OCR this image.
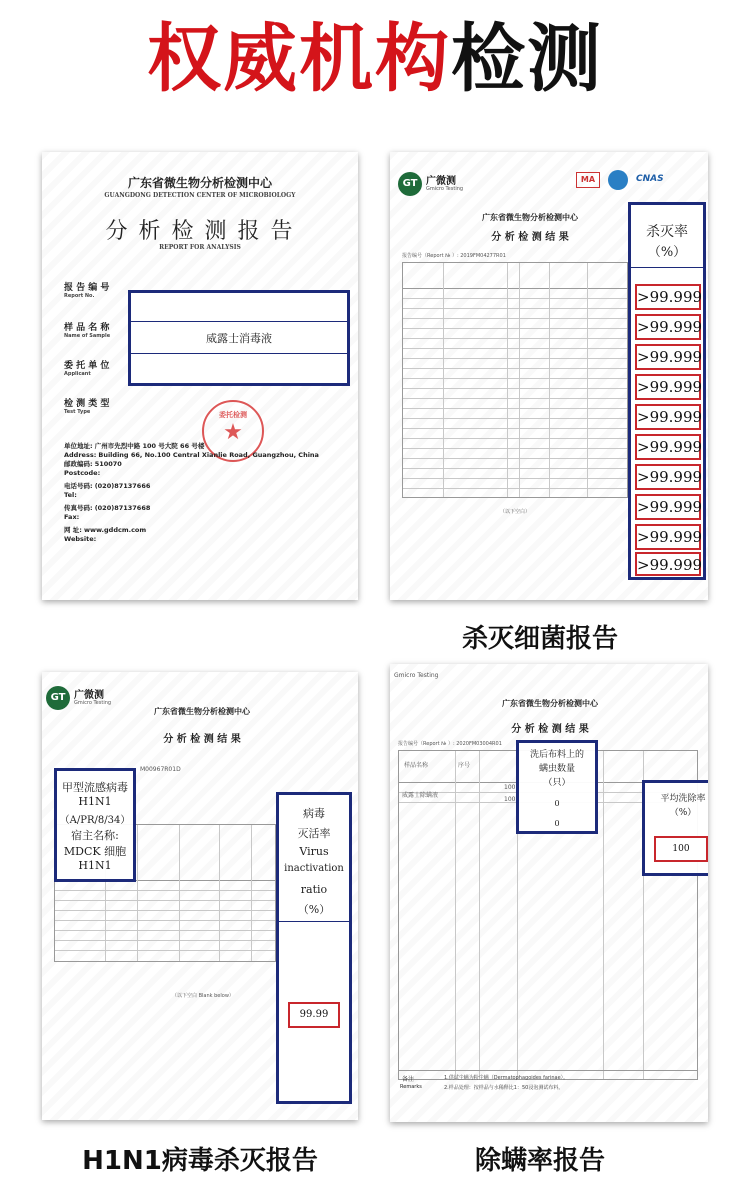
权威机构检测
广东省微生物分析检测中心
GUANGDONG DETECTION CENTER OF MICROBIOLOGY
分 析 检 测 报 告
REPORT FOR ANALYSIS
报 告 编 号
Report No.
样 品 名 称
Name of Sample
委 托 单 位
Applicant
检 测 类 型
Test Type
威露士消毒液
委托检测
★
单位地址: 广州市先烈中路 100 号大院 66 号楼
Address: Building 66, No.100 Central Xianlie Road, Guangzhou, China
邮政编码: 510070
Postcode:
电话号码: (020)87137666
Tel:
传真号码: (020)87137668
Fax:
网 址: www.gddcm.com
Website:
GT 广微测
Gmicro Testing
MA	CNAS
广东省微生物分析检测中心
分 析 检 测 结 果
报告编号（Report № ）: 2019FM04277R01
（以下空白）
杀灭率
（%）
>99.999
>99.999
>99.999
>99.999
>99.999
>99.999
>99.999
>99.999
>99.999
>99.999
杀灭细菌报告
GT 广微测
Gmicro Testing
广东省微生物分析检测中心
分 析 检 测 结 果
M00967R01D
（以下空白 Blank below）
甲型流感病毒
H1N1
（A/PR/8/34）
宿主名称:
MDCK 细胞
H1N1
病毒
灭活率
Virus
inactivation
ratio
（%）
99.99
H1N1病毒杀灭报告
Gmicro Testing
广东省微生物分析检测中心
分 析 检 测 结 果
报告编号（Report № ）: 2020FM03004R01
样品名称	序号
威露士除螨液
100
100
洗后布料上的
螨虫数量
（只）
0
0
平均洗除率
（%）
100
备注
Remarks
1.供试尘螨为粉尘螨（Dermatophagoides farinae）。
2.样品处理：按样品与水稀释比1：50浸泡测试布料。
除螨率报告
